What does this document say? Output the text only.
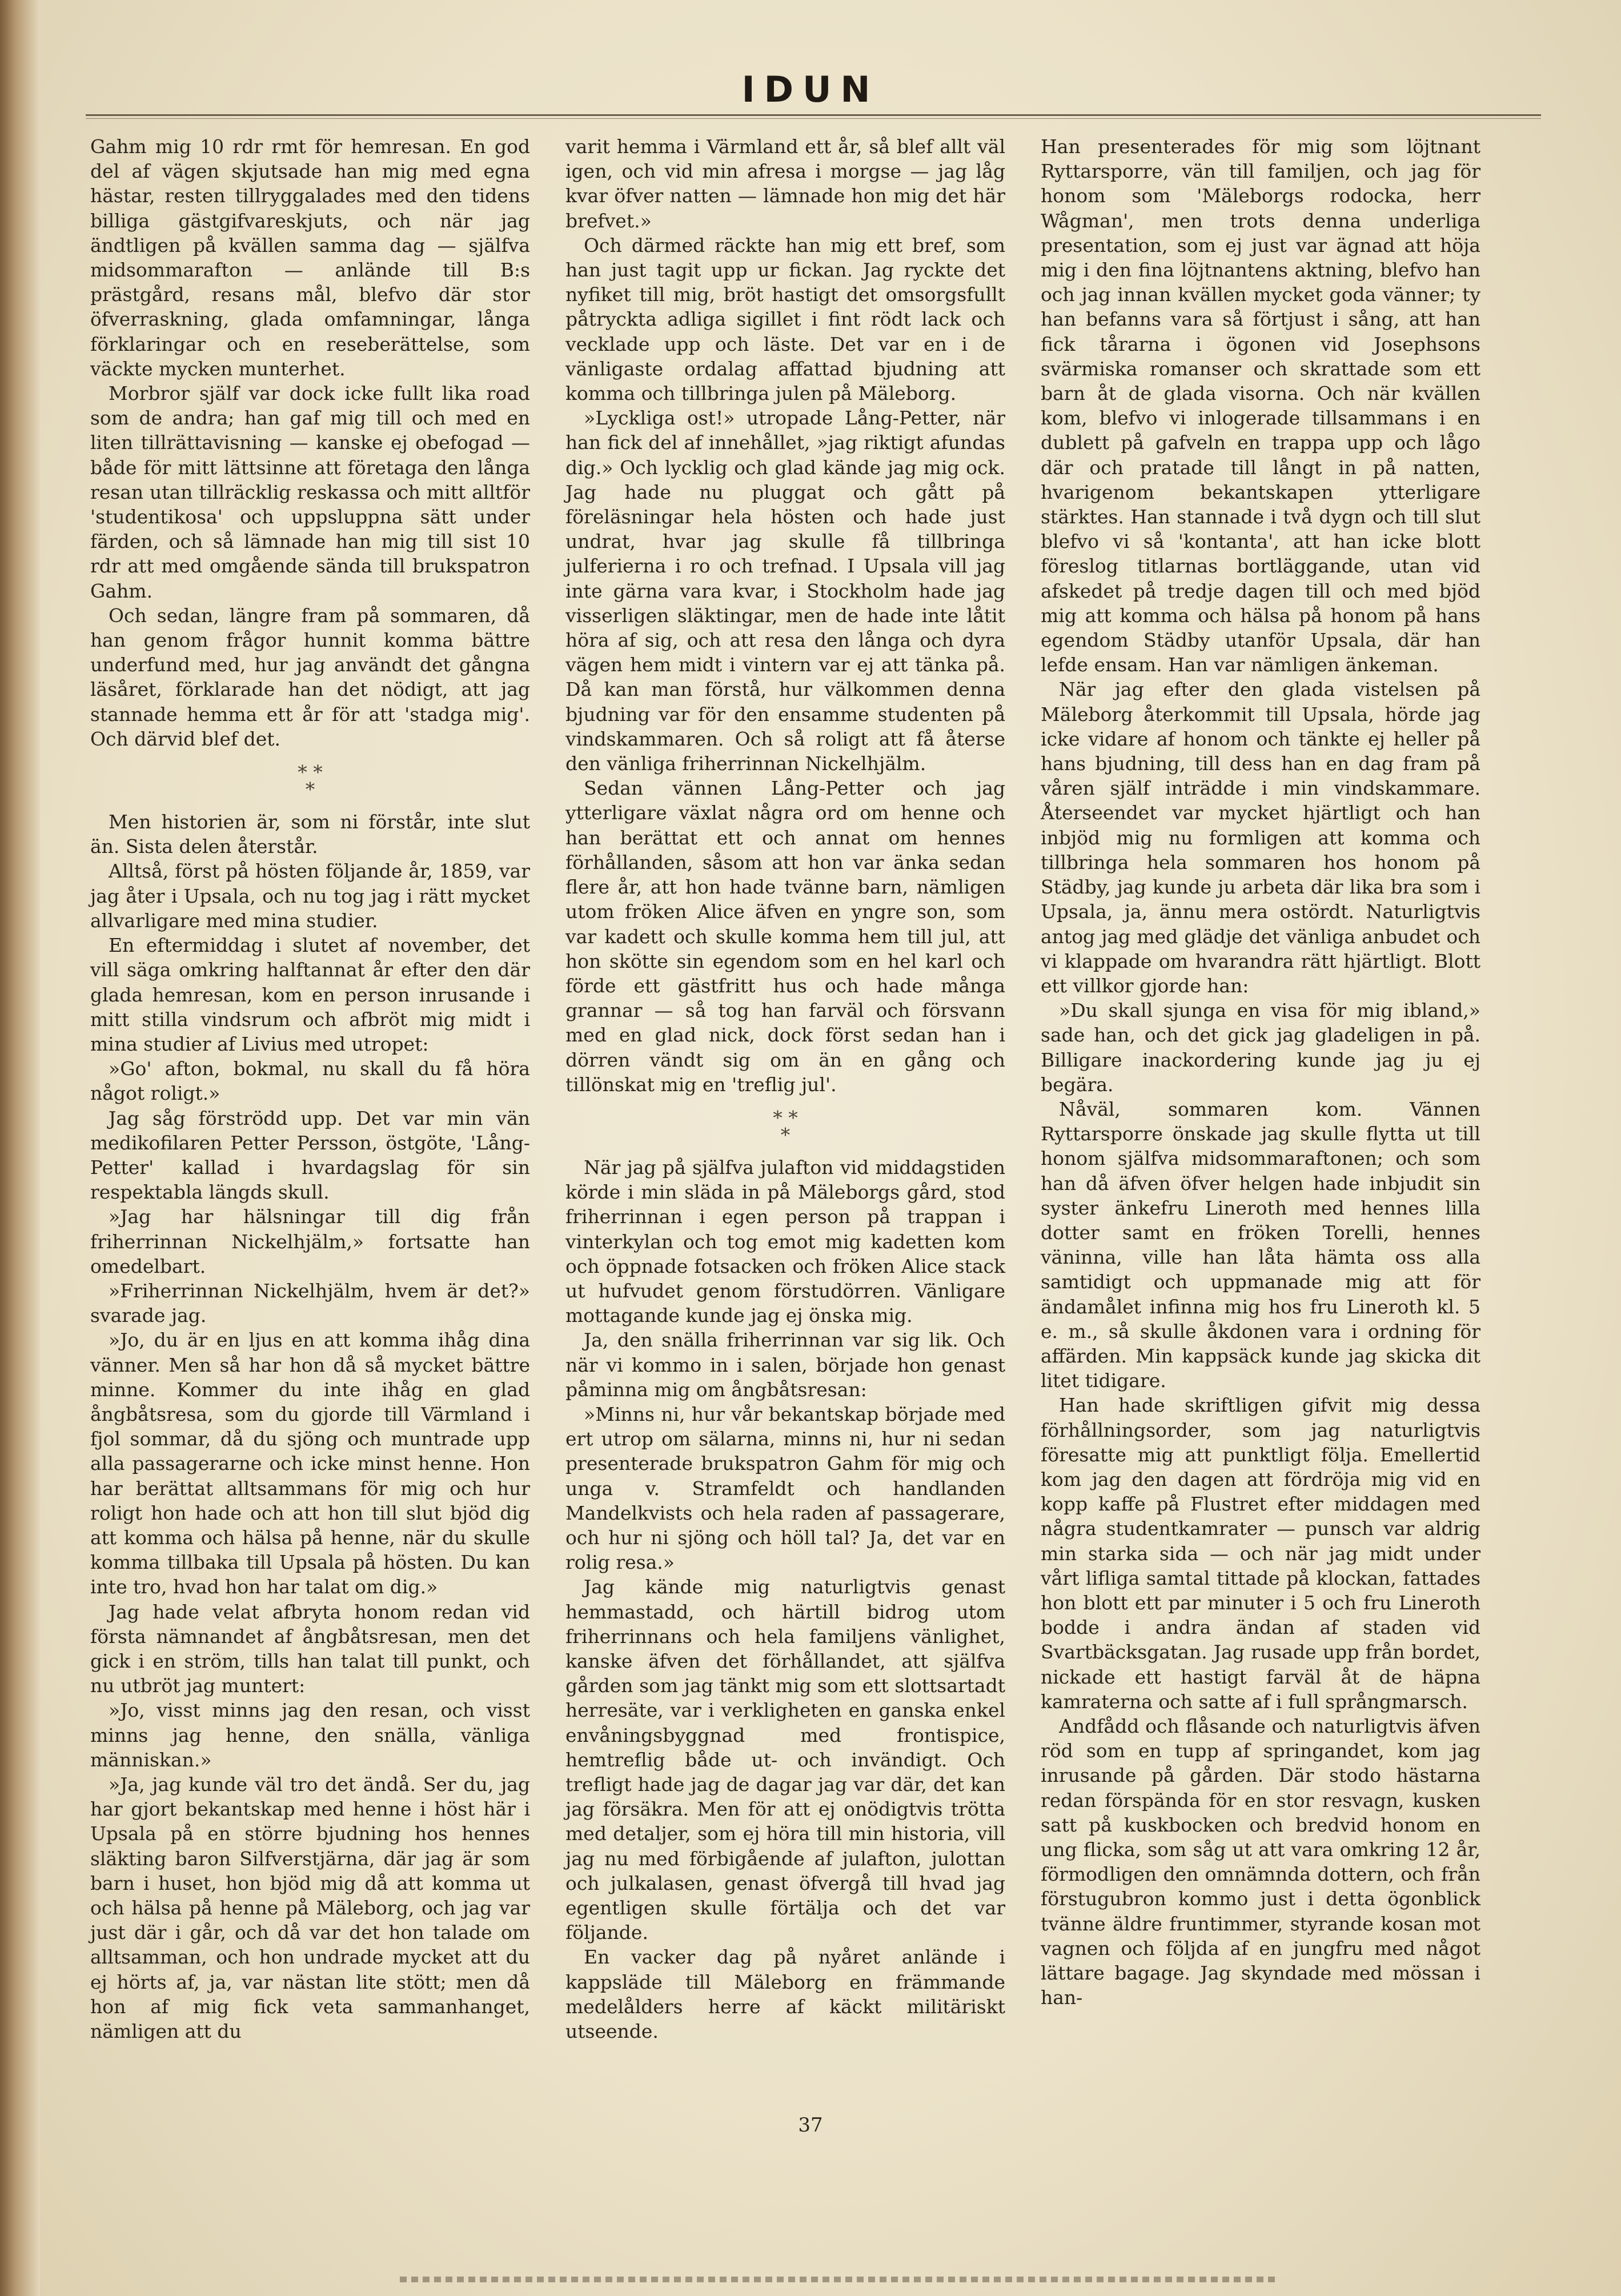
IDUN

Gahm mig 10 rdr rmt för hemresan. En god del af vägen skjutsade han mig med egna hästar, resten tillryggalades med den tidens billiga gästgifvareskjuts, och när jag ändtligen på kvällen samma dag — själfva midsommarafton — anlände till B:s prästgård, resans mål, blefvo där stor öfverraskning, glada omfamningar, långa förklaringar och en reseberättelse, som väckte mycken munterhet.

Morbror själf var dock icke fullt lika road som de andra; han gaf mig till och med en liten tillrättavisning — kanske ej obefogad — både för mitt lättsinne att företaga den långa resan utan tillräcklig reskassa och mitt alltför 'studentikosa' och uppsluppna sätt under färden, och så lämnade han mig till sist 10 rdr att med omgående sända till brukspatron Gahm.

Och sedan, längre fram på sommaren, då han genom frågor hunnit komma bättre underfund med, hur jag användt det gångna läsåret, förklarade han det nödigt, att jag stannade hemma ett år för att 'stadga mig'. Och därvid blef det.

* *
*

Men historien är, som ni förstår, inte slut än. Sista delen återstår.

Alltså, först på hösten följande år, 1859, var jag åter i Upsala, och nu tog jag i rätt mycket allvarligare med mina studier.

En eftermiddag i slutet af november, det vill säga omkring halftannat år efter den där glada hemresan, kom en person inrusande i mitt stilla vindsrum och afbröt mig midt i mina studier af Livius med utropet:

»Go' afton, bokmal, nu skall du få höra något roligt.»

Jag såg förströdd upp. Det var min vän medikofilaren Petter Persson, östgöte, 'Lång-Petter' kallad i hvardagslag för sin respektabla längds skull.

»Jag har hälsningar till dig från friherrinnan Nickelhjälm,» fortsatte han omedelbart.

»Friherrinnan Nickelhjälm, hvem är det?» svarade jag.

»Jo, du är en ljus en att komma ihåg dina vänner. Men så har hon då så mycket bättre minne. Kommer du inte ihåg en glad ångbåtsresa, som du gjorde till Värmland i fjol sommar, då du sjöng och muntrade upp alla passagerarne och icke minst henne. Hon har berättat alltsammans för mig och hur roligt hon hade och att hon till slut bjöd dig att komma och hälsa på henne, när du skulle komma tillbaka till Upsala på hösten. Du kan inte tro, hvad hon har talat om dig.»

Jag hade velat afbryta honom redan vid första nämnandet af ångbåtsresan, men det gick i en ström, tills han talat till punkt, och nu utbröt jag muntert:

»Jo, visst minns jag den resan, och visst minns jag henne, den snälla, vänliga människan.»

»Ja, jag kunde väl tro det ändå. Ser du, jag har gjort bekantskap med henne i höst här i Upsala på en större bjudning hos hennes släkting baron Silfverstjärna, där jag är som barn i huset, hon bjöd mig då att komma ut och hälsa på henne på Mäleborg, och jag var just där i går, och då var det hon talade om alltsamman, och hon undrade mycket att du ej hörts af, ja, var nästan lite stött; men då hon af mig fick veta sammanhanget, nämligen att du

varit hemma i Värmland ett år, så blef allt väl igen, och vid min afresa i morgse — jag låg kvar öfver natten — lämnade hon mig det här brefvet.»

Och därmed räckte han mig ett bref, som han just tagit upp ur fickan. Jag ryckte det nyfiket till mig, bröt hastigt det omsorgsfullt påtryckta adliga sigillet i fint rödt lack och vecklade upp och läste. Det var en i de vänligaste ordalag affattad bjudning att komma och tillbringa julen på Mäleborg.

»Lyckliga ost!» utropade Lång-Petter, när han fick del af innehållet, »jag riktigt afundas dig.» Och lycklig och glad kände jag mig ock. Jag hade nu pluggat och gått på föreläsningar hela hösten och hade just undrat, hvar jag skulle få tillbringa julferierna i ro och trefnad. I Upsala vill jag inte gärna vara kvar, i Stockholm hade jag visserligen släktingar, men de hade inte låtit höra af sig, och att resa den långa och dyra vägen hem midt i vintern var ej att tänka på. Då kan man förstå, hur välkommen denna bjudning var för den ensamme studenten på vindskammaren. Och så roligt att få återse den vänliga friherrinnan Nickelhjälm.

Sedan vännen Lång-Petter och jag ytterligare växlat några ord om henne och han berättat ett och annat om hennes förhållanden, såsom att hon var änka sedan flere år, att hon hade tvänne barn, nämligen utom fröken Alice äfven en yngre son, som var kadett och skulle komma hem till jul, att hon skötte sin egendom som en hel karl och förde ett gästfritt hus och hade många grannar — så tog han farväl och försvann med en glad nick, dock först sedan han i dörren vändt sig om än en gång och tillönskat mig en 'treflig jul'.

* *
*

När jag på själfva julafton vid middagstiden körde i min släda in på Mäleborgs gård, stod friherrinnan i egen person på trappan i vinterkylan och tog emot mig kadetten kom och öppnade fotsacken och fröken Alice stack ut hufvudet genom förstudörren. Vänligare mottagande kunde jag ej önska mig.

Ja, den snälla friherrinnan var sig lik. Och när vi kommo in i salen, började hon genast påminna mig om ångbåtsresan:

»Minns ni, hur vår bekantskap började med ert utrop om sälarna, minns ni, hur ni sedan presenterade brukspatron Gahm för mig och unga v. Stramfeldt och handlanden Mandelkvists och hela raden af passagerare, och hur ni sjöng och höll tal? Ja, det var en rolig resa.»

Jag kände mig naturligtvis genast hemmastadd, och härtill bidrog utom friherrinnans och hela familjens vänlighet, kanske äfven det förhållandet, att själfva gården som jag tänkt mig som ett slottsartadt herresäte, var i verkligheten en ganska enkel envåningsbyggnad med frontispice, hemtreflig både ut- och invändigt. Och trefligt hade jag de dagar jag var där, det kan jag försäkra. Men för att ej onödigtvis trötta med detaljer, som ej höra till min historia, vill jag nu med förbigående af julafton, julottan och julkalasen, genast öfvergå till hvad jag egentligen skulle förtälja och det var följande.

En vacker dag på nyåret anlände i kappsläde till Mäleborg en främmande medelålders herre af käckt militäriskt utseende.

Han presenterades för mig som löjtnant Ryttarsporre, vän till familjen, och jag för honom som 'Mäleborgs rodocka, herr Wågman', men trots denna underliga presentation, som ej just var ägnad att höja mig i den fina löjtnantens aktning, blefvo han och jag innan kvällen mycket goda vänner; ty han befanns vara så förtjust i sång, att han fick tårarna i ögonen vid Josephsons svärmiska romanser och skrattade som ett barn åt de glada visorna. Och när kvällen kom, blefvo vi inlogerade tillsammans i en dublett på gafveln en trappa upp och lågo där och pratade till långt in på natten, hvarigenom bekantskapen ytterligare stärktes. Han stannade i två dygn och till slut blefvo vi så 'kontanta', att han icke blott föreslog titlarnas bortläggande, utan vid afskedet på tredje dagen till och med bjöd mig att komma och hälsa på honom på hans egendom Städby utanför Upsala, där han lefde ensam. Han var nämligen änkeman.

När jag efter den glada vistelsen på Mäleborg återkommit till Upsala, hörde jag icke vidare af honom och tänkte ej heller på hans bjudning, till dess han en dag fram på våren själf inträdde i min vindskammare. Återseendet var mycket hjärtligt och han inbjöd mig nu formligen att komma och tillbringa hela sommaren hos honom på Städby, jag kunde ju arbeta där lika bra som i Upsala, ja, ännu mera ostördt. Naturligtvis antog jag med glädje det vänliga anbudet och vi klappade om hvarandra rätt hjärtligt. Blott ett villkor gjorde han:

»Du skall sjunga en visa för mig ibland,» sade han, och det gick jag gladeligen in på. Billigare inackordering kunde jag ju ej begära.

Nåväl, sommaren kom. Vännen Ryttarsporre önskade jag skulle flytta ut till honom själfva midsommaraftonen; och som han då äfven öfver helgen hade inbjudit sin syster änkefru Lineroth med hennes lilla dotter samt en fröken Torelli, hennes väninna, ville han låta hämta oss alla samtidigt och uppmanade mig att för ändamålet infinna mig hos fru Lineroth kl. 5 e. m., så skulle åkdonen vara i ordning för affärden. Min kappsäck kunde jag skicka dit litet tidigare.

Han hade skriftligen gifvit mig dessa förhållningsorder, som jag naturligtvis föresatte mig att punktligt följa. Emellertid kom jag den dagen att fördröja mig vid en kopp kaffe på Flustret efter middagen med några studentkamrater — punsch var aldrig min starka sida — och när jag midt under vårt lifliga samtal tittade på klockan, fattades hon blott ett par minuter i 5 och fru Lineroth bodde i andra ändan af staden vid Svartbäcksgatan. Jag rusade upp från bordet, nickade ett hastigt farväl åt de häpna kamraterna och satte af i full språngmarsch.

Andfådd och flåsande och naturligtvis äfven röd som en tupp af springandet, kom jag inrusande på gården. Där stodo hästarna redan förspända för en stor resvagn, kusken satt på kuskbocken och bredvid honom en ung flicka, som såg ut att vara omkring 12 år, förmodligen den omnämnda dottern, och från förstugubron kommo just i detta ögonblick tvänne äldre fruntimmer, styrande kosan mot vagnen och följda af en jungfru med något lättare bagage. Jag skyndade med mössan i han-

37
